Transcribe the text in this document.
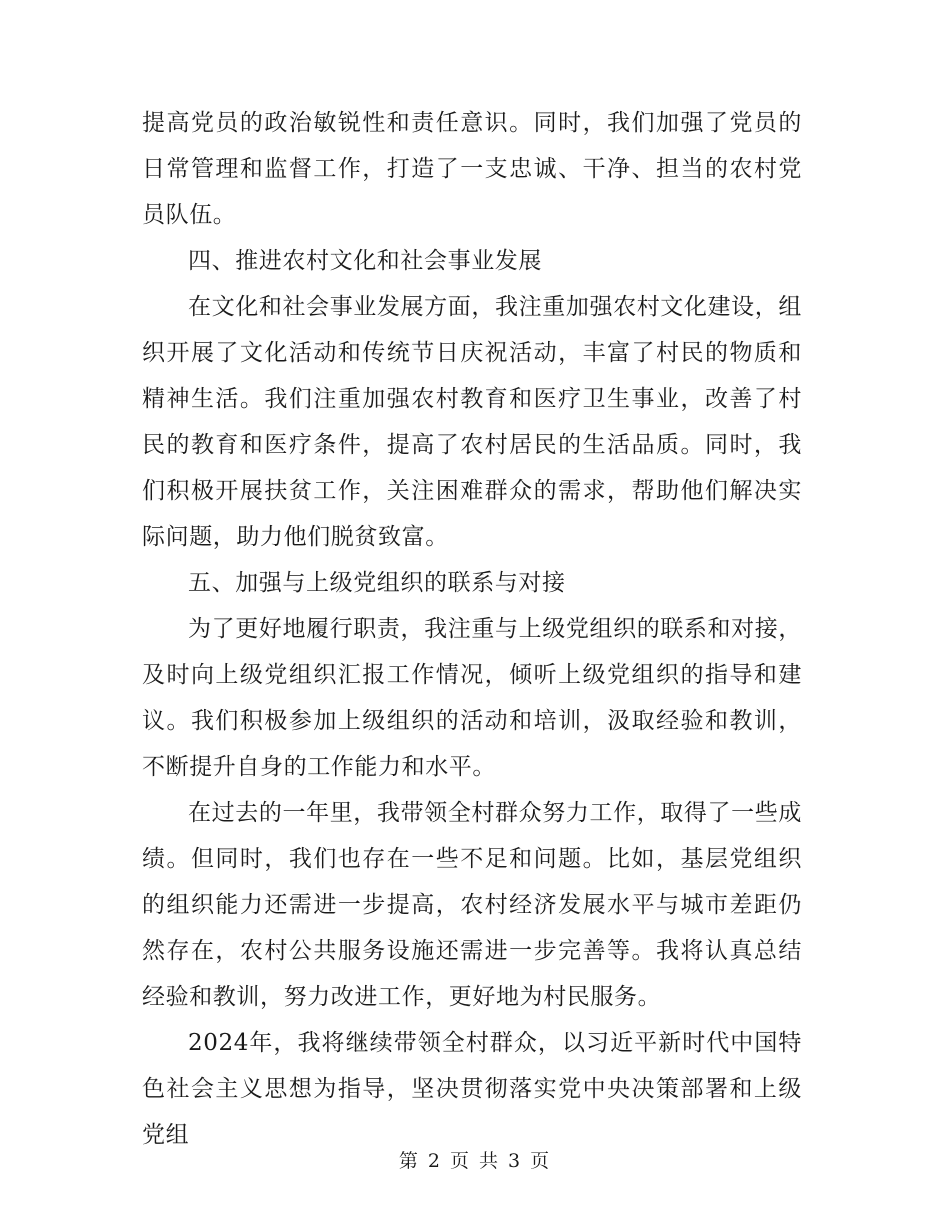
提高党员的政治敏锐性和责任意识。同时，我们加强了党员的日常管理和监督工作，打造了一支忠诚、干净、担当的农村党员队伍。

四、推进农村文化和社会事业发展

在文化和社会事业发展方面，我注重加强农村文化建设，组织开展了文化活动和传统节日庆祝活动，丰富了村民的物质和精神生活。我们注重加强农村教育和医疗卫生事业，改善了村民的教育和医疗条件，提高了农村居民的生活品质。同时，我们积极开展扶贫工作，关注困难群众的需求，帮助他们解决实际问题，助力他们脱贫致富。

五、加强与上级党组织的联系与对接

为了更好地履行职责，我注重与上级党组织的联系和对接，及时向上级党组织汇报工作情况，倾听上级党组织的指导和建议。我们积极参加上级组织的活动和培训，汲取经验和教训，不断提升自身的工作能力和水平。

在过去的一年里，我带领全村群众努力工作，取得了一些成绩。但同时，我们也存在一些不足和问题。比如，基层党组织的组织能力还需进一步提高，农村经济发展水平与城市差距仍然存在，农村公共服务设施还需进一步完善等。我将认真总结经验和教训，努力改进工作，更好地为村民服务。

2024年，我将继续带领全村群众，以习近平新时代中国特色社会主义思想为指导，坚决贯彻落实党中央决策部署和上级党组

第 2 页 共 3 页
